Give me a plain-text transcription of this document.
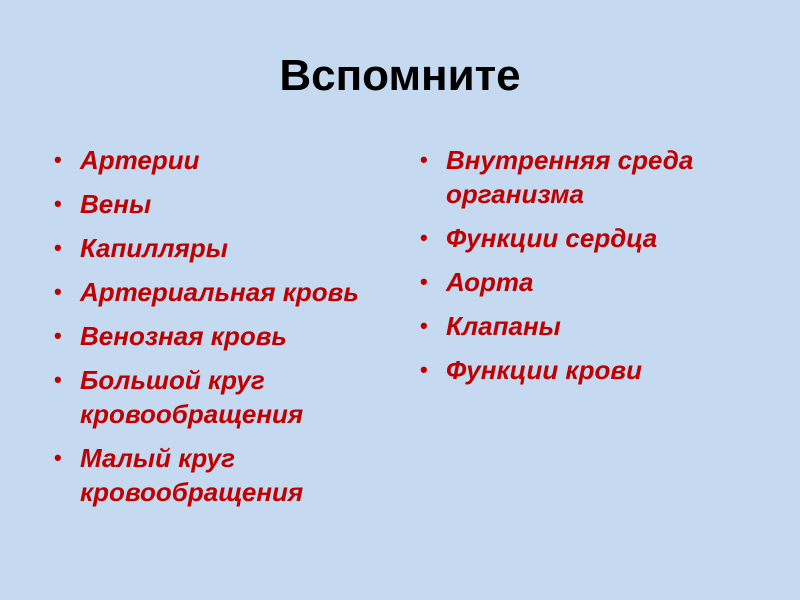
Вспомните
• Артерии
• Вены
• Капилляры
• Артериальная кровь
• Венозная кровь
• Большой круг кровообращения
• Малый круг кровообращения
• Внутренняя среда организма
• Функции сердца
• Аорта
• Клапаны
• Функции крови
